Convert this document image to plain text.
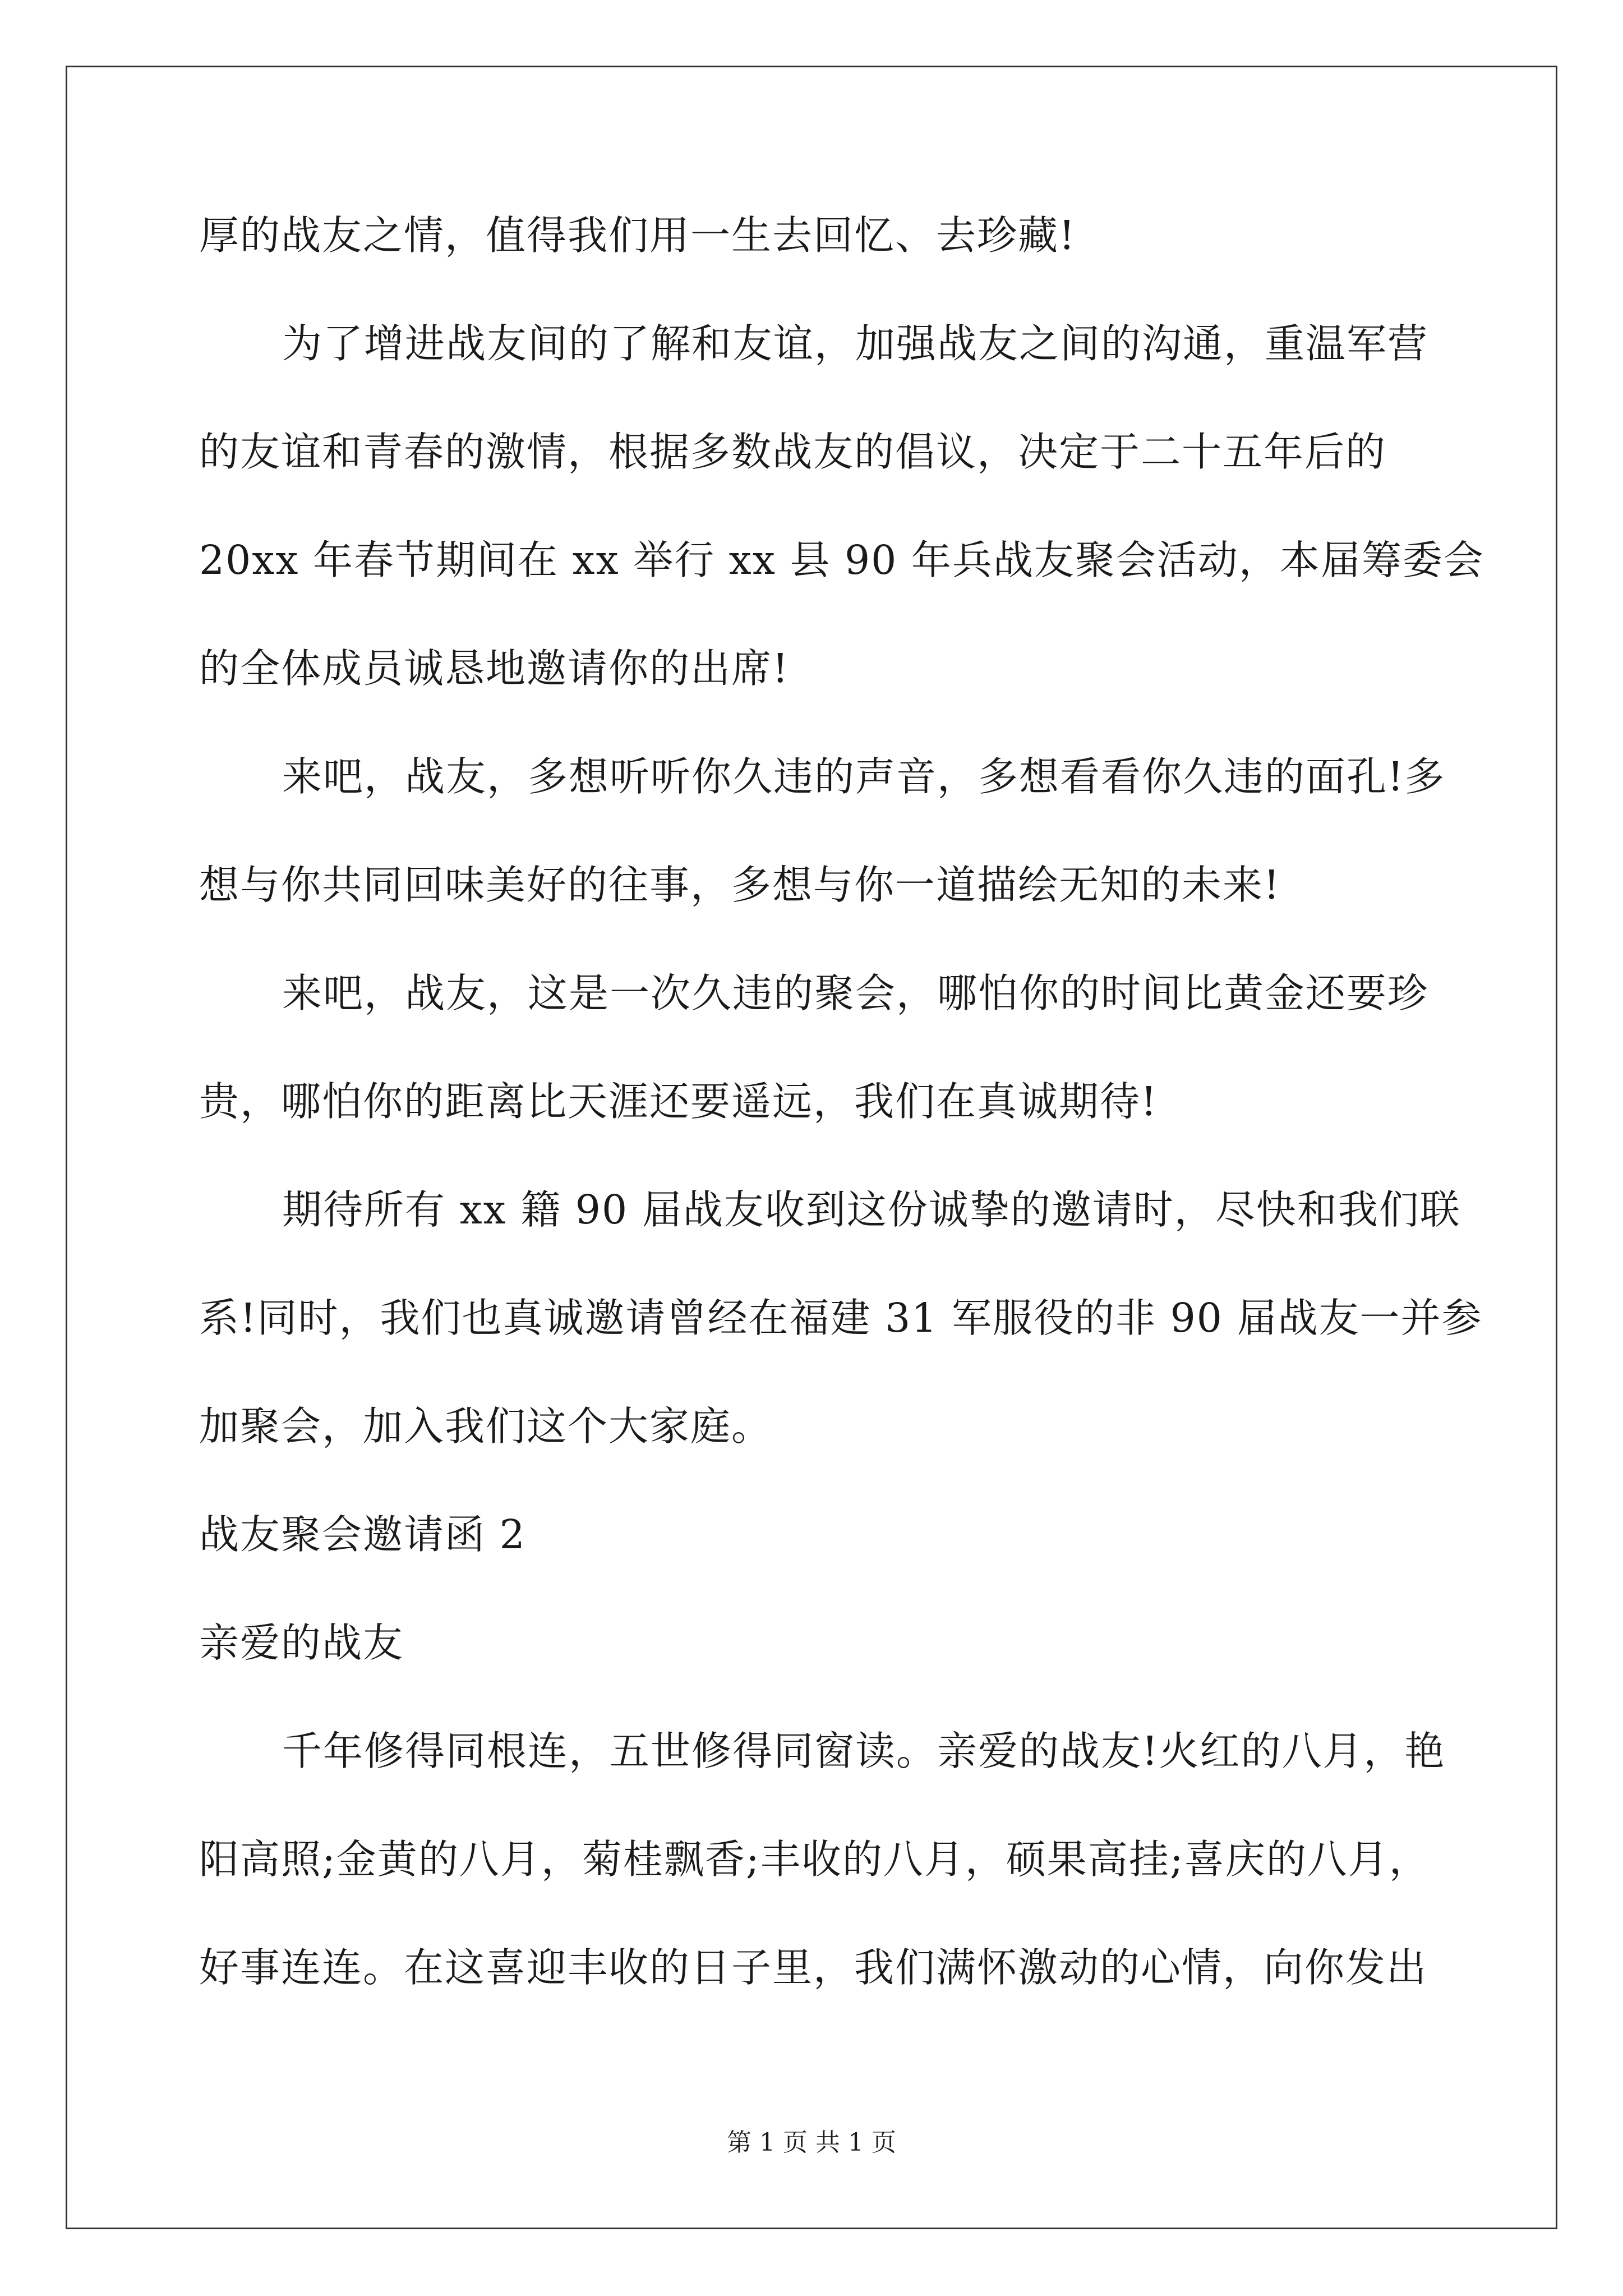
厚的战友之情，值得我们用一生去回忆、去珍藏!
为了增进战友间的了解和友谊，加强战友之间的沟通，重温军营
的友谊和青春的激情，根据多数战友的倡议，决定于二十五年后的
20xx 年春节期间在 xx 举行 xx 县 90 年兵战友聚会活动，本届筹委会
的全体成员诚恳地邀请你的出席!
来吧，战友，多想听听你久违的声音，多想看看你久违的面孔!多
想与你共同回味美好的往事，多想与你一道描绘无知的未来!
来吧，战友，这是一次久违的聚会，哪怕你的时间比黄金还要珍
贵，哪怕你的距离比天涯还要遥远，我们在真诚期待!
期待所有 xx 籍 90 届战友收到这份诚挚的邀请时，尽快和我们联
系!同时，我们也真诚邀请曾经在福建 31 军服役的非 90 届战友一并参
加聚会，加入我们这个大家庭。
战友聚会邀请函 2
亲爱的战友
千年修得同根连，五世修得同窗读。亲爱的战友!火红的八月，艳
阳高照;金黄的八月，菊桂飘香;丰收的八月，硕果高挂;喜庆的八月，
好事连连。在这喜迎丰收的日子里，我们满怀激动的心情，向你发出
第 1 页 共 1 页
